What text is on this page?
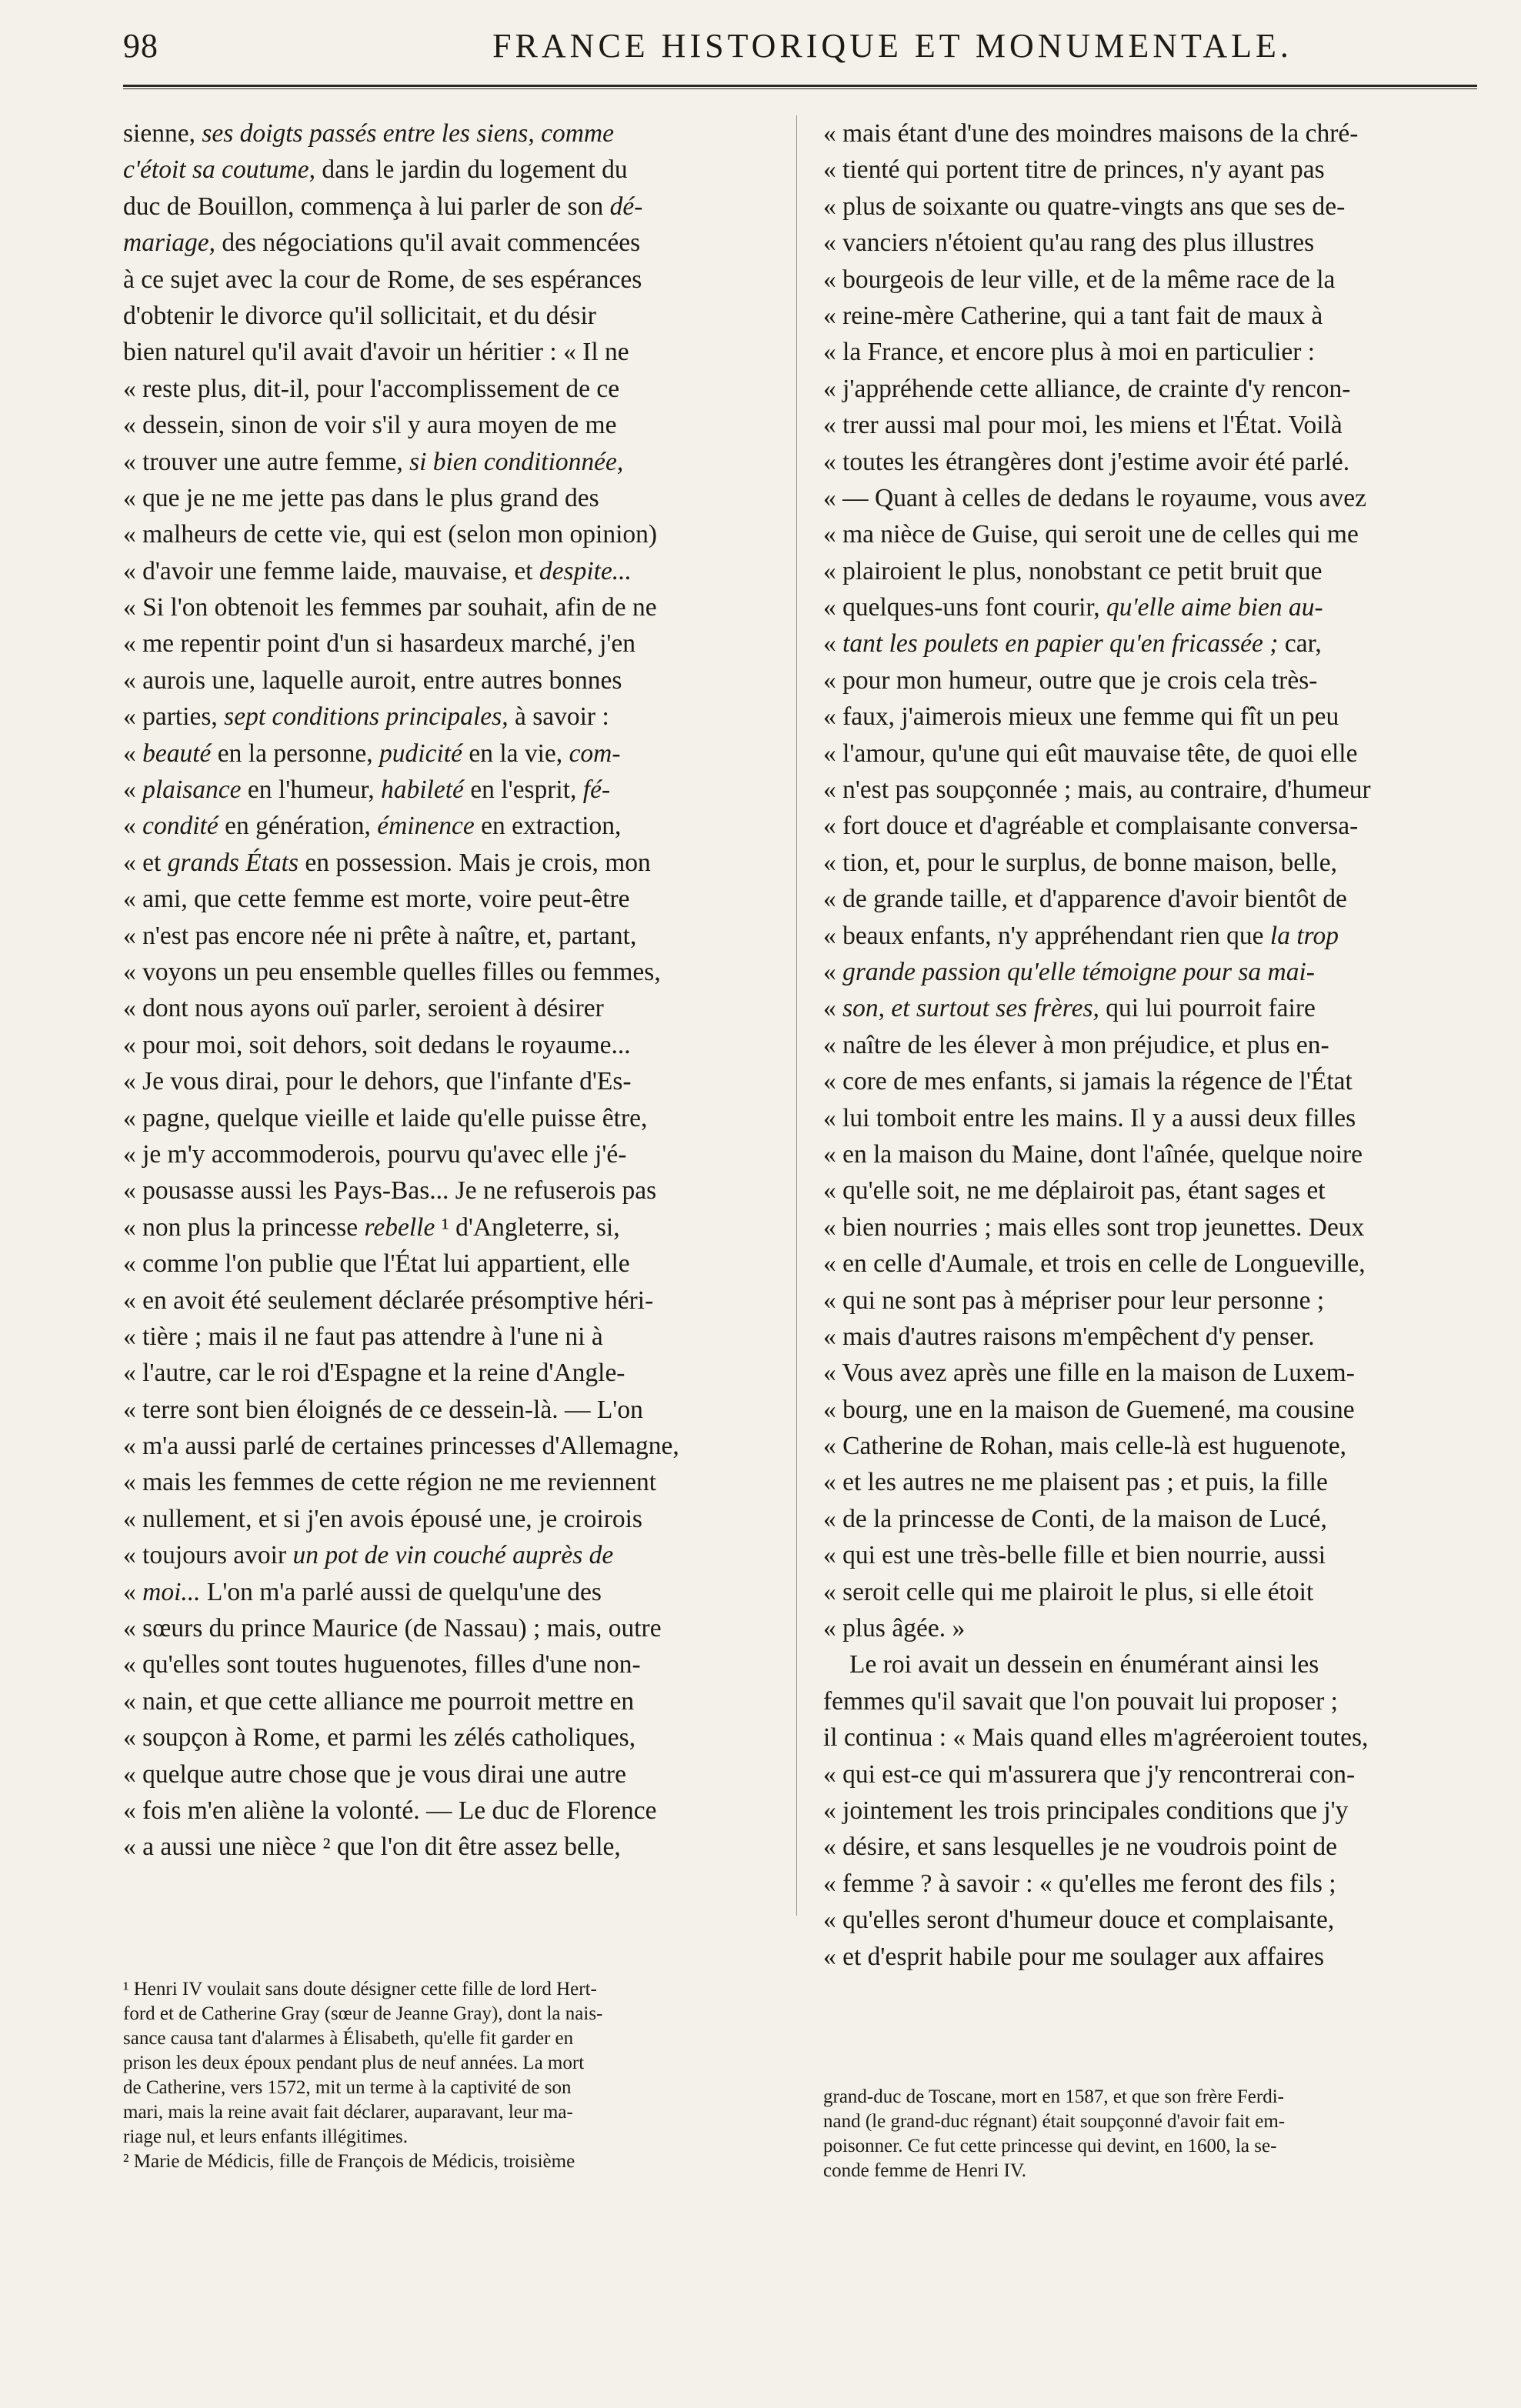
98	FRANCE HISTORIQUE ET MONUMENTALE.
sienne, ses doigts passés entre les siens, comme
c'étoit sa coutume, dans le jardin du logement du
duc de Bouillon, commença à lui parler de son dé-
mariage, des négociations qu'il avait commencées
à ce sujet avec la cour de Rome, de ses espérances
d'obtenir le divorce qu'il sollicitait, et du désir
bien naturel qu'il avait d'avoir un héritier : « Il ne
« reste plus, dit-il, pour l'accomplissement de ce
« dessein, sinon de voir s'il y aura moyen de me
« trouver une autre femme, si bien conditionnée,
« que je ne me jette pas dans le plus grand des
« malheurs de cette vie, qui est (selon mon opinion)
« d'avoir une femme laide, mauvaise, et despite...
« Si l'on obtenoit les femmes par souhait, afin de ne
« me repentir point d'un si hasardeux marché, j'en
« aurois une, laquelle auroit, entre autres bonnes
« parties, sept conditions principales, à savoir :
« beauté en la personne, pudicité en la vie, com-
« plaisance en l'humeur, habileté en l'esprit, fé-
« condité en génération, éminence en extraction,
« et grands États en possession. Mais je crois, mon
« ami, que cette femme est morte, voire peut-être
« n'est pas encore née ni prête à naître, et, partant,
« voyons un peu ensemble quelles filles ou femmes,
« dont nous ayons ouï parler, seroient à désirer
« pour moi, soit dehors, soit dedans le royaume...
« Je vous dirai, pour le dehors, que l'infante d'Es-
« pagne, quelque vieille et laide qu'elle puisse être,
« je m'y accommoderois, pourvu qu'avec elle j'é-
« pousasse aussi les Pays-Bas... Je ne refuserois pas
« non plus la princesse rebelle ¹ d'Angleterre, si,
« comme l'on publie que l'État lui appartient, elle
« en avoit été seulement déclarée présomptive héri-
« tière ; mais il ne faut pas attendre à l'une ni à
« l'autre, car le roi d'Espagne et la reine d'Angle-
« terre sont bien éloignés de ce dessein-là. — L'on
« m'a aussi parlé de certaines princesses d'Allemagne,
« mais les femmes de cette région ne me reviennent
« nullement, et si j'en avois épousé une, je croirois
« toujours avoir un pot de vin couché auprès de
« moi... L'on m'a parlé aussi de quelqu'une des
« sœurs du prince Maurice (de Nassau) ; mais, outre
« qu'elles sont toutes huguenotes, filles d'une non-
« nain, et que cette alliance me pourroit mettre en
« soupçon à Rome, et parmi les zélés catholiques,
« quelque autre chose que je vous dirai une autre
« fois m'en aliène la volonté. — Le duc de Florence
« a aussi une nièce ² que l'on dit être assez belle,
« mais étant d'une des moindres maisons de la chré-
« tienté qui portent titre de princes, n'y ayant pas
« plus de soixante ou quatre-vingts ans que ses de-
« vanciers n'étoient qu'au rang des plus illustres
« bourgeois de leur ville, et de la même race de la
« reine-mère Catherine, qui a tant fait de maux à
« la France, et encore plus à moi en particulier :
« j'appréhende cette alliance, de crainte d'y rencon-
« trer aussi mal pour moi, les miens et l'État. Voilà
« toutes les étrangères dont j'estime avoir été parlé.
« — Quant à celles de dedans le royaume, vous avez
« ma nièce de Guise, qui seroit une de celles qui me
« plairoient le plus, nonobstant ce petit bruit que
« quelques-uns font courir, qu'elle aime bien au-
« tant les poulets en papier qu'en fricassée ; car,
« pour mon humeur, outre que je crois cela très-
« faux, j'aimerois mieux une femme qui fît un peu
« l'amour, qu'une qui eût mauvaise tête, de quoi elle
« n'est pas soupçonnée ; mais, au contraire, d'humeur
« fort douce et d'agréable et complaisante conversa-
« tion, et, pour le surplus, de bonne maison, belle,
« de grande taille, et d'apparence d'avoir bientôt de
« beaux enfants, n'y appréhendant rien que la trop
« grande passion qu'elle témoigne pour sa mai-
« son, et surtout ses frères, qui lui pourroit faire
« naître de les élever à mon préjudice, et plus en-
« core de mes enfants, si jamais la régence de l'État
« lui tomboit entre les mains. Il y a aussi deux filles
« en la maison du Maine, dont l'aînée, quelque noire
« qu'elle soit, ne me déplairoit pas, étant sages et
« bien nourries ; mais elles sont trop jeunettes. Deux
« en celle d'Aumale, et trois en celle de Longueville,
« qui ne sont pas à mépriser pour leur personne ;
« mais d'autres raisons m'empêchent d'y penser.
« Vous avez après une fille en la maison de Luxem-
« bourg, une en la maison de Guemené, ma cousine
« Catherine de Rohan, mais celle-là est huguenote,
« et les autres ne me plaisent pas ; et puis, la fille
« de la princesse de Conti, de la maison de Lucé,
« qui est une très-belle fille et bien nourrie, aussi
« seroit celle qui me plairoit le plus, si elle étoit
« plus âgée. »
Le roi avait un dessein en énumérant ainsi les
femmes qu'il savait que l'on pouvait lui proposer ;
il continua : « Mais quand elles m'agréeroient toutes,
« qui est-ce qui m'assurera que j'y rencontrerai con-
« jointement les trois principales conditions que j'y
« désire, et sans lesquelles je ne voudrois point de
« femme ? à savoir : « qu'elles me feront des fils ;
« qu'elles seront d'humeur douce et complaisante,
« et d'esprit habile pour me soulager aux affaires
¹ Henri IV voulait sans doute désigner cette fille de lord Hert-
ford et de Catherine Gray (sœur de Jeanne Gray), dont la nais-
sance causa tant d'alarmes à Élisabeth, qu'elle fit garder en
prison les deux époux pendant plus de neuf années. La mort
de Catherine, vers 1572, mit un terme à la captivité de son
mari, mais la reine avait fait déclarer, auparavant, leur ma-
riage nul, et leurs enfants illégitimes.
² Marie de Médicis, fille de François de Médicis, troisième
grand-duc de Toscane, mort en 1587, et que son frère Ferdi-
nand (le grand-duc régnant) était soupçonné d'avoir fait em-
poisonner. Ce fut cette princesse qui devint, en 1600, la se-
conde femme de Henri IV.
